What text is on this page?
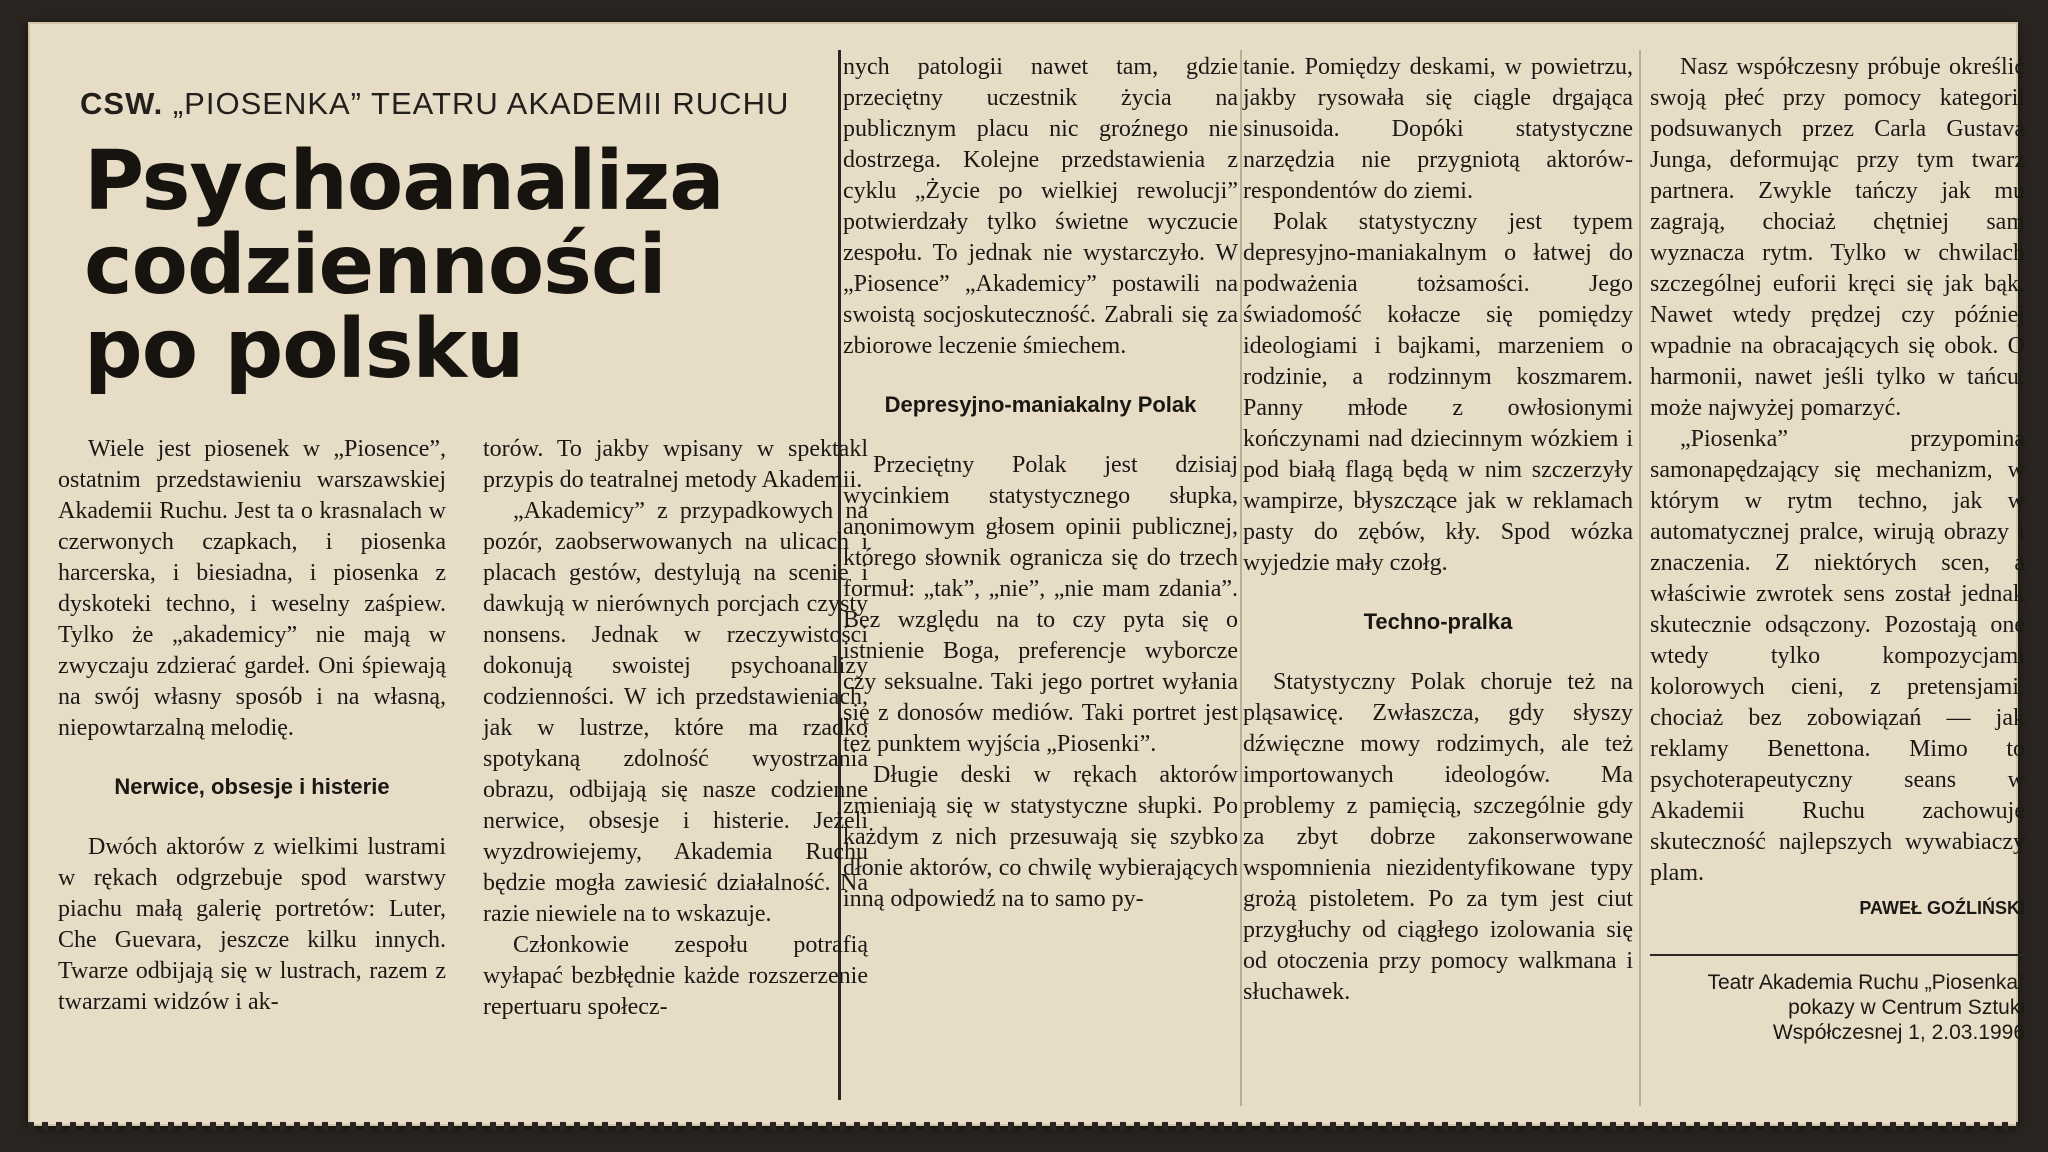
CSW. „PIOSENKA” TEATRU AKADEMII RUCHU
Psychoanaliza
codzienności
po polsku

Wiele jest piosenek w „Piosence”, ostatnim przedstawieniu warszawskiej Akademii Ruchu. Jest ta o krasnalach w czerwonych czapkach, i piosenka harcerska, i biesiadna, i piosenka z dyskoteki techno, i weselny zaśpiew. Tylko że „akademicy” nie mają w zwyczaju zdzierać gardeł. Oni śpiewają na swój własny sposób i na własną, niepowtarzalną melodię.

Nerwice, obsesje i histerie

Dwóch aktorów z wielkimi lustrami w rękach odgrzebuje spod warstwy piachu małą galerię portretów: Luter, Che Guevara, jeszcze kilku innych. Twarze odbijają się w lustrach, razem z twarzami widzów i ak-

torów. To jakby wpisany w spektakl przypis do teatralnej metody Akademii.

„Akademicy” z przypadkowych na pozór, zaobserwowanych na ulicach i placach gestów, destylują na scenie i dawkują w nierównych porcjach czysty nonsens. Jednak w rzeczywistości dokonują swoistej psychoanalizy codzienności. W ich przedstawieniach, jak w lustrze, które ma rzadko spotykaną zdolność wyostrzania obrazu, odbijają się nasze codzienne nerwice, obsesje i histerie. Jeżeli wyzdrowiejemy, Akademia Ruchu będzie mogła zawiesić działalność. Na razie niewiele na to wskazuje.

Członkowie zespołu potrafią wyłapać bezbłędnie każde rozszerzenie repertuaru społecz-

nych patologii nawet tam, gdzie przeciętny uczestnik życia na publicznym placu nic groźnego nie dostrzega. Kolejne przedstawienia z cyklu „Życie po wielkiej rewolucji” potwierdzały tylko świetne wyczucie zespołu. To jednak nie wystarczyło. W „Piosence” „Akademicy” postawili na swoistą socjoskuteczność. Zabrali się za zbiorowe leczenie śmiechem.

Depresyjno-maniakalny Polak

Przeciętny Polak jest dzisiaj wycinkiem statystycznego słupka, anonimowym głosem opinii publicznej, którego słownik ogranicza się do trzech formuł: „tak”, „nie”, „nie mam zdania”. Bez względu na to czy pyta się o istnienie Boga, preferencje wyborcze czy seksualne. Taki jego portret wyłania się z donosów mediów. Taki portret jest też punktem wyjścia „Piosenki”.

Długie deski w rękach aktorów zmieniają się w statystyczne słupki. Po każdym z nich przesuwają się szybko dłonie aktorów, co chwilę wybierających inną odpowiedź na to samo py-

tanie. Pomiędzy deskami, w powietrzu, jakby rysowała się ciągle drgająca sinusoida. Dopóki statystyczne narzędzia nie przygniotą aktorów-respondentów do ziemi.

Polak statystyczny jest typem depresyjno-maniakalnym o łatwej do podważenia tożsamości. Jego świadomość kołacze się pomiędzy ideologiami i bajkami, marzeniem o rodzinie, a rodzinnym koszmarem. Panny młode z owłosionymi kończynami nad dziecinnym wózkiem i pod białą flagą będą w nim szczerzyły wampirze, błyszczące jak w reklamach pasty do zębów, kły. Spod wózka wyjedzie mały czołg.

Techno-pralka

Statystyczny Polak choruje też na pląsawicę. Zwłaszcza, gdy słyszy dźwięczne mowy rodzimych, ale też importowanych ideologów. Ma problemy z pamięcią, szczególnie gdy za zbyt dobrze zakonserwowane wspomnienia niezidentyfikowane typy grożą pistoletem. Po za tym jest ciut przygłuchy od ciągłego izolowania się od otoczenia przy pomocy walkmana i słuchawek.

Nasz współczesny próbuje określić swoją płeć przy pomocy kategorii podsuwanych przez Carla Gustava Junga, deformując przy tym twarz partnera. Zwykle tańczy jak mu zagrają, chociaż chętniej sam wyznacza rytm. Tylko w chwilach szczególnej euforii kręci się jak bąk. Nawet wtedy prędzej czy później wpadnie na obracających się obok. O harmonii, nawet jeśli tylko w tańcu, może najwyżej pomarzyć.

„Piosenka” przypomina samonapędzający się mechanizm, w którym w rytm techno, jak w automatycznej pralce, wirują obrazy i znaczenia. Z niektórych scen, a właściwie zwrotek sens został jednak skutecznie odsączony. Pozostają one wtedy tylko kompozycjami kolorowych cieni, z pretensjami, chociaż bez zobowiązań — jak reklamy Benettona. Mimo to psychoterapeutyczny seans w Akademii Ruchu zachowuje skuteczność najlepszych wywabiaczy plam.

PAWEŁ GOŹLIŃSKI
Teatr Akademia Ruchu „Piosenka”
pokazy w Centrum Sztuki
Współczesnej 1, 2.03.1996
